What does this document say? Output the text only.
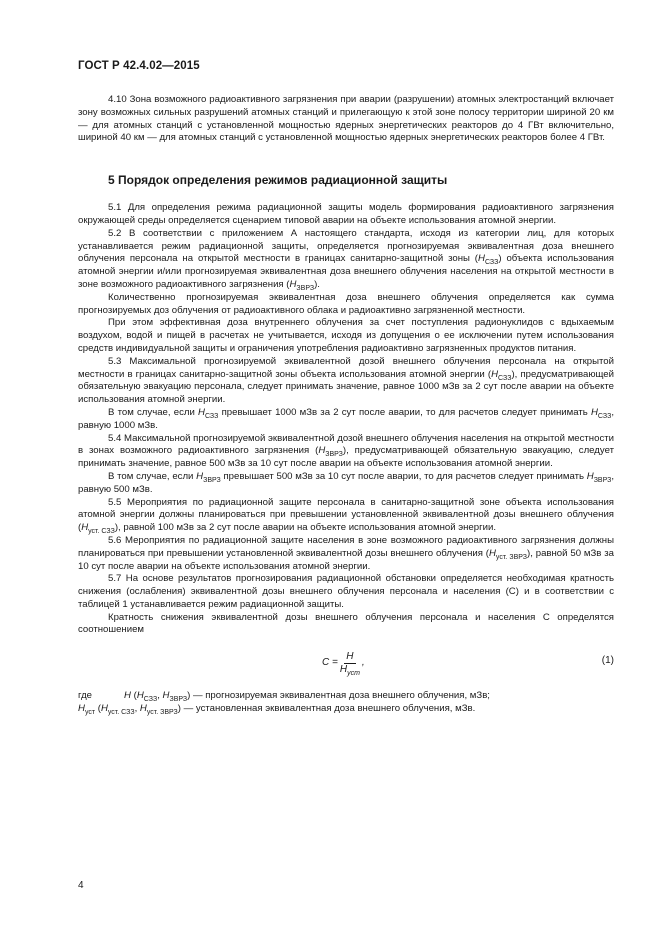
ГОСТ Р 42.4.02—2015

4.10 Зона возможного радиоактивного загрязнения при аварии (разрушении) атомных электростанций включает зону возможных сильных разрушений атомных станций и прилегающую к этой зоне полосу территории шириной 20 км — для атомных станций с установленной мощностью ядерных энергетических реакторов до 4 ГВт включительно, шириной 40 км — для атомных станций с установленной мощностью ядерных энергетических реакторов более 4 ГВт.

5 Порядок определения режимов радиационной защиты

5.1 Для определения режима радиационной защиты модель формирования радиоактивного загрязнения окружающей среды определяется сценарием типовой аварии на объекте использования атомной энергии.

5.2 В соответствии с приложением А настоящего стандарта, исходя из категории лиц, для которых устанавливается режим радиационной защиты, определяется прогнозируемая эквивалентная доза внешнего облучения персонала на открытой местности в границах санитарно-защитной зоны $(H_{СЗЗ})$ объекта использования атомной энергии и/или прогнозируемая эквивалентная доза внешнего облучения населения на открытой местности в зоне возможного радиоактивного загрязнения $(H_{ЗВРЗ})$.

Количественно прогнозируемая эквивалентная доза внешнего облучения определяется как сумма прогнозируемых доз облучения от радиоактивного облака и радиоактивно загрязненной местности.

При этом эффективная доза внутреннего облучения за счет поступления радионуклидов с вдыхаемым воздухом, водой и пищей в расчетах не учитывается, исходя из допущения о ее исключении путем использования средств индивидуальной защиты и ограничения употребления радиоактивно загрязненных продуктов питания.

5.3 Максимальной прогнозируемой эквивалентной дозой внешнего облучения персонала на открытой местности в границах санитарно-защитной зоны объекта использования атомной энергии $(H_{СЗЗ})$, предусматривающей обязательную эвакуацию персонала, следует принимать значение, равное 1000 мЗв за 2 сут после аварии на объекте использования атомной энергии.

В том случае, если $H_{СЗЗ}$ превышает 1000 мЗв за 2 сут после аварии, то для расчетов следует принимать $H_{СЗЗ}$, равную 1000 мЗв.

5.4 Максимальной прогнозируемой эквивалентной дозой внешнего облучения населения на открытой местности в зонах возможного радиоактивного загрязнения $(H_{ЗВРЗ})$, предусматривающей обязательную эвакуацию, следует принимать значение, равное 500 мЗв за 10 сут после аварии на объекте использования атомной энергии.

В том случае, если $H_{ЗВРЗ}$ превышает 500 мЗв за 10 сут после аварии, то для расчетов следует принимать $H_{ЗВРЗ}$, равную 500 мЗв.

5.5 Мероприятия по радиационной защите персонала в санитарно-защитной зоне объекта использования атомной энергии должны планироваться при превышении установленной эквивалентной дозы внешнего облучения $(H_{уст. СЗЗ})$, равной 100 мЗв за 2 сут после аварии на объекте использования атомной энергии.

5.6 Мероприятия по радиационной защите населения в зоне возможного радиоактивного загрязнения должны планироваться при превышении установленной эквивалентной дозы внешнего облучения $(H_{уст. ЗВРЗ})$, равной 50 мЗв за 10 сут после аварии на объекте использования атомной энергии.

5.7 На основе результатов прогнозирования радиационной обстановки определяется необходимая кратность снижения (ослабления) эквивалентной дозы внешнего облучения персонала и населения (С) и в соответствии с таблицей 1 устанавливается режим радиационной защиты.

Кратность снижения эквивалентной дозы внешнего облучения персонала и населения С определятся соотношением

$C = \frac{H}{H_{уст}}$ ,	(1)
где	H ($H_{СЗЗ}$, $H_{ЗВРЗ}$) — прогнозируемая эквивалентная доза внешнего облучения, мЗв;
$H_{уст}$ ($H_{уст. СЗЗ}$, $H_{уст. ЗВРЗ}$) — установленная эквивалентная доза внешнего облучения, мЗв.
4
